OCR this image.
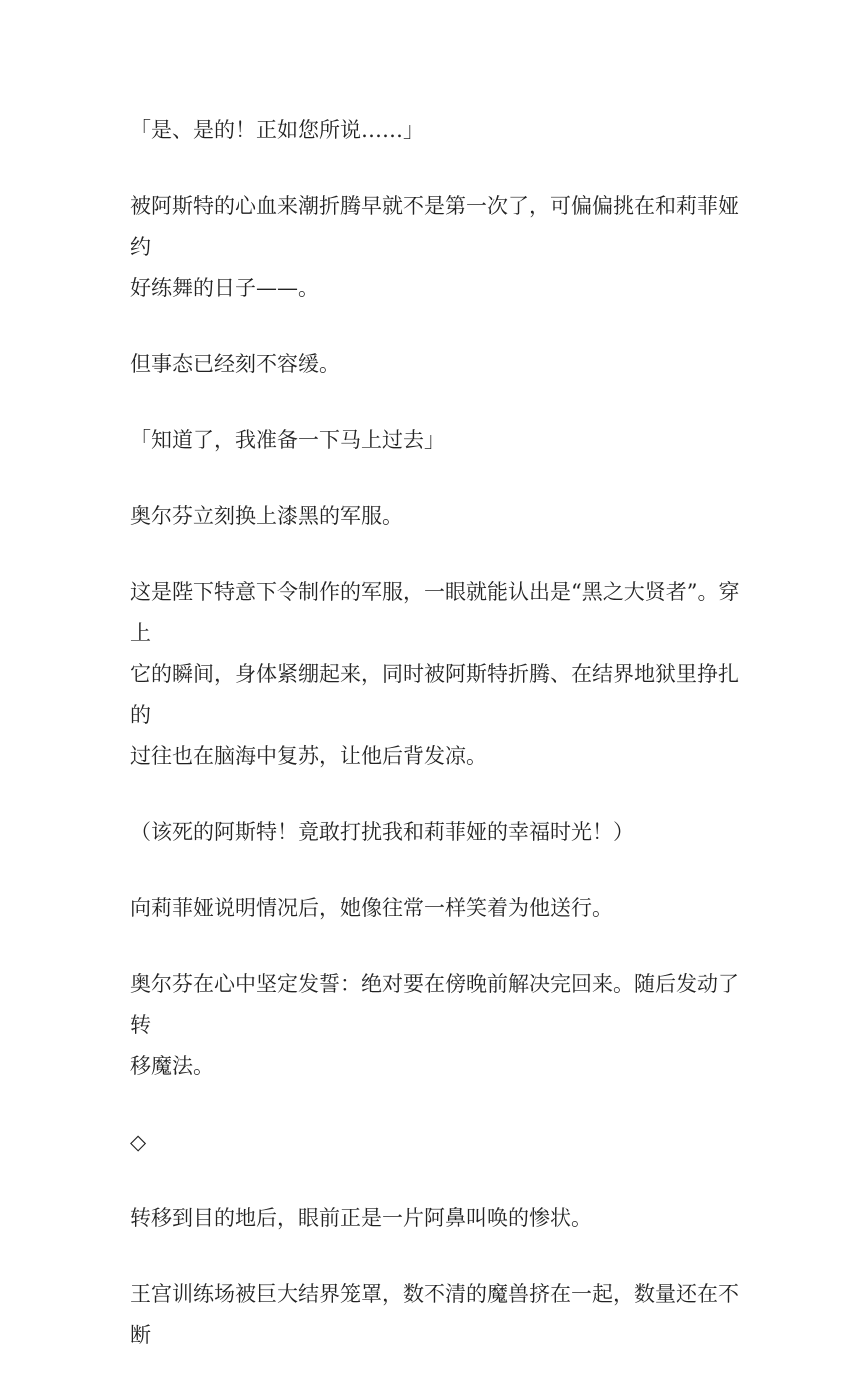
「是、是的！正如您所说……」

被阿斯特的心血来潮折腾早就不是第一次了，可偏偏挑在和莉菲娅约
好练舞的日子——。

但事态已经刻不容缓。

「知道了，我准备一下马上过去」

奥尔芬立刻换上漆黑的军服。

这是陛下特意下令制作的军服，一眼就能认出是“黑之大贤者”。穿上
它的瞬间，身体紧绷起来，同时被阿斯特折腾、在结界地狱里挣扎的
过往也在脑海中复苏，让他后背发凉。

（该死的阿斯特！竟敢打扰我和莉菲娅的幸福时光！）

向莉菲娅说明情况后，她像往常一样笑着为他送行。

奥尔芬在心中坚定发誓：绝对要在傍晚前解决完回来。随后发动了转
移魔法。

◇

转移到目的地后，眼前正是一片阿鼻叫唤的惨状。

王宫训练场被巨大结界笼罩，数不清的魔兽挤在一起，数量还在不断
